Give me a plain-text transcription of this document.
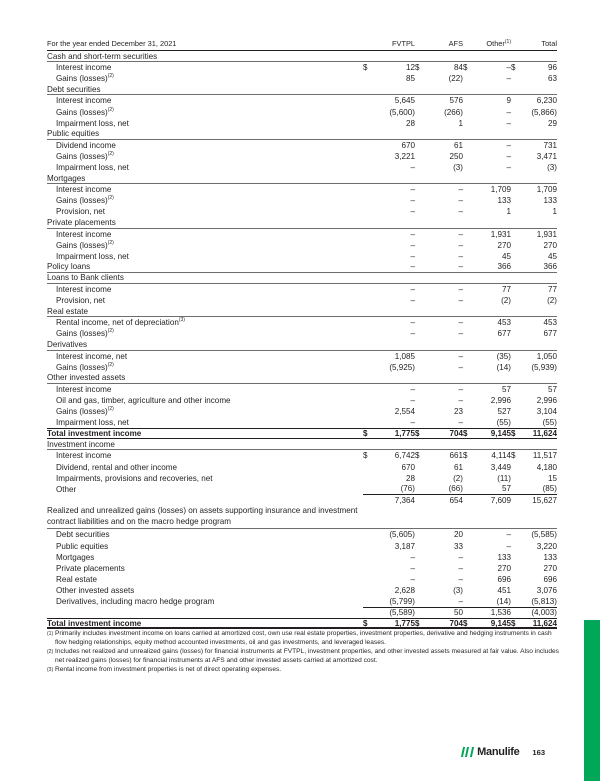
For the year ended December 31, 2021	FVTPL	AFS	Other$^{(1)}$	Total
Cash and short-term securities
Interest income	$	12 $	84 $	– $	96
Gains (losses)$^{(2)}$	85	(22)	–	63
Debt securities
Interest income	5,645	576	9	6,230
Gains (losses)$^{(2)}$	(5,600)	(266)	–	(5,866)
Impairment loss, net	28	1	–	29
Public equities
Dividend income	670	61	–	731
Gains (losses)$^{(2)}$	3,221	250	–	3,471
Impairment loss, net	–	(3)	–	(3)
Mortgages
Interest income	–	–	1,709	1,709
Gains (losses)$^{(2)}$	–	–	133	133
Provision, net	–	–	1	1
Private placements
Interest income	–	–	1,931	1,931
Gains (losses)$^{(2)}$	–	–	270	270
Impairment loss, net	–	–	45	45
Policy loans	–	–	366	366
Loans to Bank clients
Interest income	–	–	77	77
Provision, net	–	–	(2)	(2)
Real estate
Rental income, net of depreciation$^{(3)}$	–	–	453	453
Gains (losses)$^{(2)}$	–	–	677	677
Derivatives
Interest income, net	1,085	–	(35)	1,050
Gains (losses)$^{(2)}$	(5,925)	–	(14)	(5,939)
Other invested assets
Interest income	–	–	57	57
Oil and gas, timber, agriculture and other income	–	–	2,996	2,996
Gains (losses)$^{(2)}$	2,554	23	527	3,104
Impairment loss, net	–	–	(55)	(55)
Total investment income	$	1,775 $	704 $	9,145 $	11,624
Investment income
Interest income	$	6,742 $	661 $	4,114 $	11,517
Dividend, rental and other income	670	61	3,449	4,180
Impairments, provisions and recoveries, net	28	(2)	(11)	15
Other	(76)	(66)	57	(85)
7,364	654	7,609	15,627
Realized and unrealized gains (losses) on assets supporting insurance and investment contract liabilities and on the macro hedge program
Debt securities	(5,605)	20	–	(5,585)
Public equities	3,187	33	–	3,220
Mortgages	–	–	133	133
Private placements	–	–	270	270
Real estate	–	–	696	696
Other invested assets	2,628	(3)	451	3,076
Derivatives, including macro hedge program	(5,799)	–	(14)	(5,813)
(5,589)	50	1,536	(4,003)
Total investment income	$	1,775 $	704 $	9,145 $	11,624
(1) Primarily includes investment income on loans carried at amortized cost, own use real estate properties, investment properties, derivative and hedging instruments in cash flow hedging relationships, equity method accounted investments, oil and gas investments, and leveraged leases.
(2) Includes net realized and unrealized gains (losses) for financial instruments at FVTPL, investment properties, and other invested assets measured at fair value. Also includes net realized gains (losses) for financial instruments at AFS and other invested assets carried at amortized cost.
(3) Rental income from investment properties is net of direct operating expenses.
Manulife 163
